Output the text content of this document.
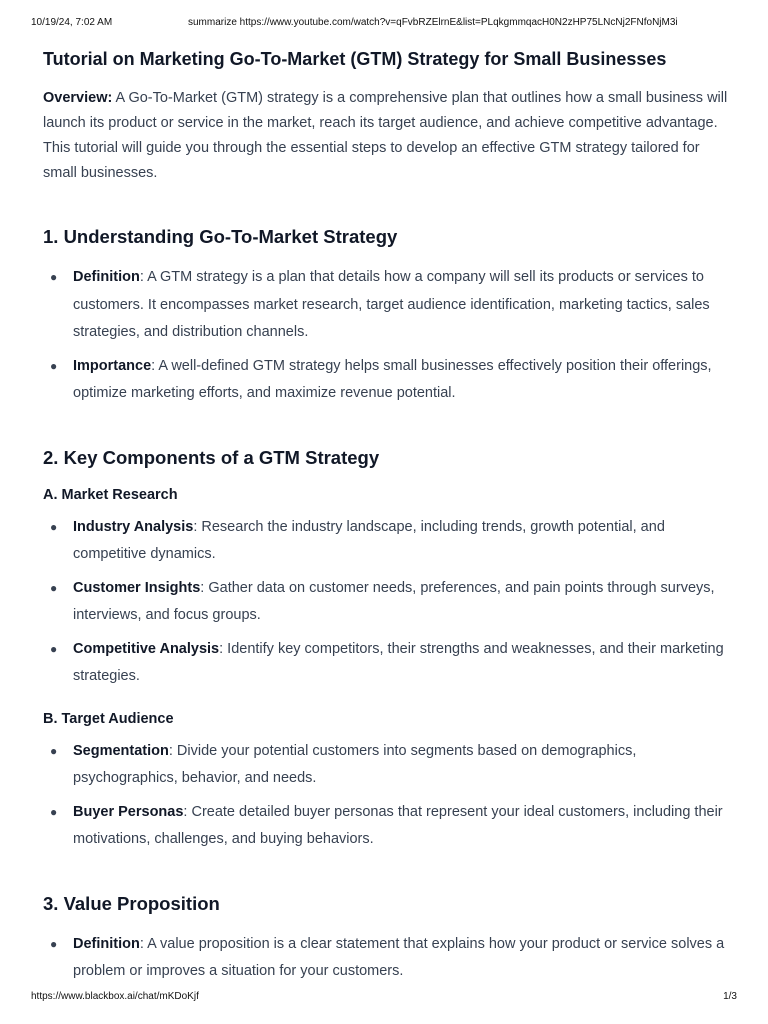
10/19/24, 7:02 AM	summarize https://www.youtube.com/watch?v=qFvbRZElrnE&list=PLqkgmmqacH0N2zHP75LNcNj2FNfoNjM3i
Tutorial on Marketing Go-To-Market (GTM) Strategy for Small Businesses

Overview: A Go-To-Market (GTM) strategy is a comprehensive plan that outlines how a small business will launch its product or service in the market, reach its target audience, and achieve competitive advantage. This tutorial will guide you through the essential steps to develop an effective GTM strategy tailored for small businesses.

1. Understanding Go-To-Market Strategy
● Definition: A GTM strategy is a plan that details how a company will sell its products or services to customers. It encompasses market research, target audience identification, marketing tactics, sales strategies, and distribution channels.
● Importance: A well-defined GTM strategy helps small businesses effectively position their offerings, optimize marketing efforts, and maximize revenue potential.
2. Key Components of a GTM Strategy
A. Market Research
● Industry Analysis: Research the industry landscape, including trends, growth potential, and competitive dynamics.
● Customer Insights: Gather data on customer needs, preferences, and pain points through surveys, interviews, and focus groups.
● Competitive Analysis: Identify key competitors, their strengths and weaknesses, and their marketing strategies.
B. Target Audience
● Segmentation: Divide your potential customers into segments based on demographics, psychographics, behavior, and needs.
● Buyer Personas: Create detailed buyer personas that represent your ideal customers, including their motivations, challenges, and buying behaviors.
3. Value Proposition
● Definition: A value proposition is a clear statement that explains how your product or service solves a problem or improves a situation for your customers.
https://www.blackbox.ai/chat/mKDoKjf	1/3
